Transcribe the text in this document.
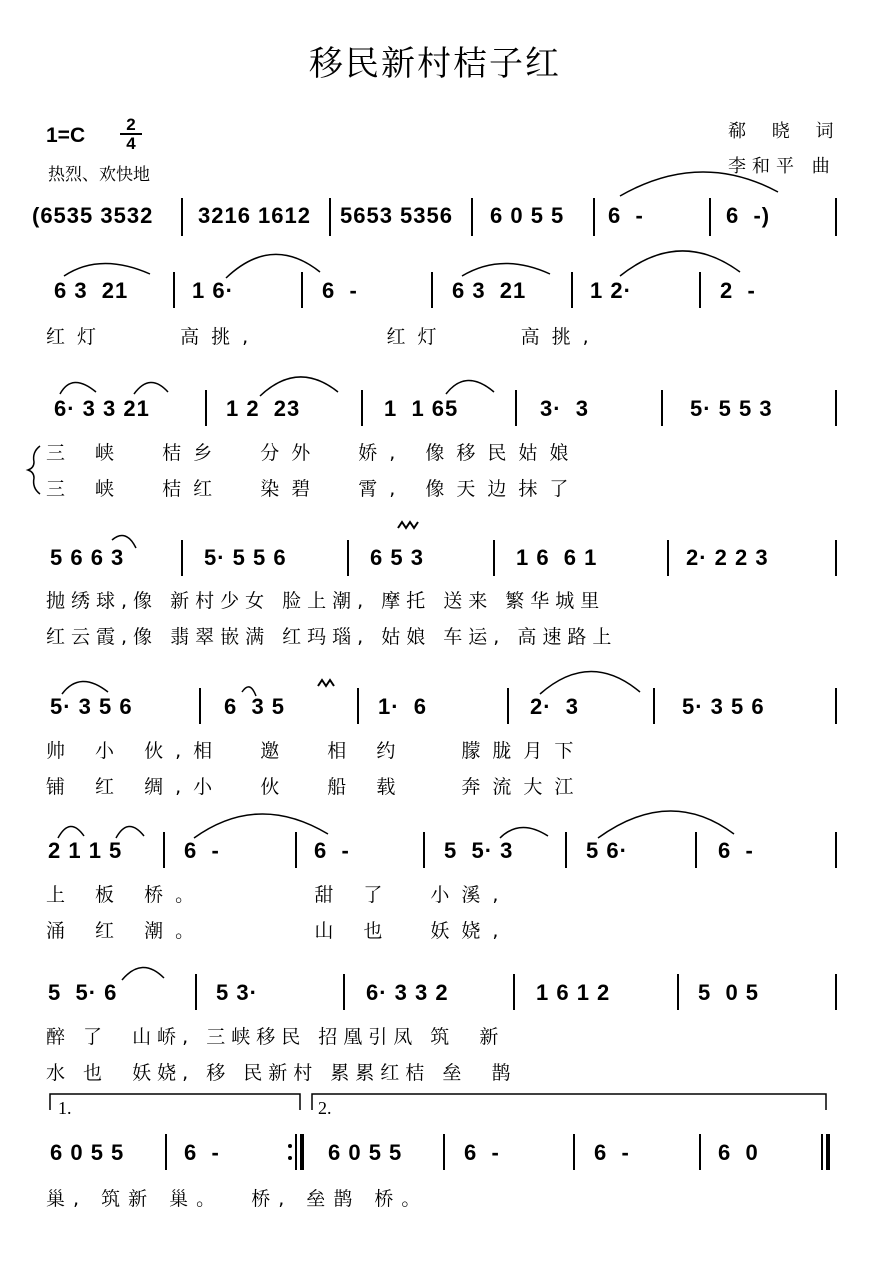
移民新村桔子红
1=C	2
4
热烈、欢快地
郗 晓 词
李和平 曲
(6535 3532 3216 1612 5653 5356 6 0 5 5 6  -	6  -)
6 3  21	1 6·	6  -	6 3  21	1 2·	2  -
红灯    高挑,       红灯    高挑,
6· 3 3 21	1 2  23	1  1 65	3·  3	5· 5 5 3
三 峡  桔乡  分外  娇, 像移民姑娘
三 峡  桔红  染碧  霄, 像天边抹了
5 6 6 3	5· 5 5 6	6 5 3	1 6  6 1	2· 2 2 3
抛绣球,像 新村少女 脸上潮, 摩托 送来 繁华城里
红云霞,像 翡翠嵌满 红玛瑙, 姑娘 车运, 高速路上
5· 3 5 6	6  3 5	1·  6	2·  3	5· 3 5 6
帅 小 伙,相  邀  相 约   朦胧月下
铺 红 绸,小  伙  船 载   奔流大江
2 1 1 5	6  -	6  -	5  5· 3	5 6·	6  -
上 板 桥。      甜 了  小溪,
涌 红 潮。      山 也  妖娆,
5  5· 6	5 3·	6· 3 3 2	1 6 1 2	5  0 5
醉 了  山峤, 三峡移民 招凰引凤 筑  新
水 也  妖娆, 移 民新村 累累红桔 垒  鹊
1.	2.
6 0 5 5	6  -	6 0 5 5	6  -	6  -	6  0
巢, 筑新 巢。  桥, 垒鹊 桥。
